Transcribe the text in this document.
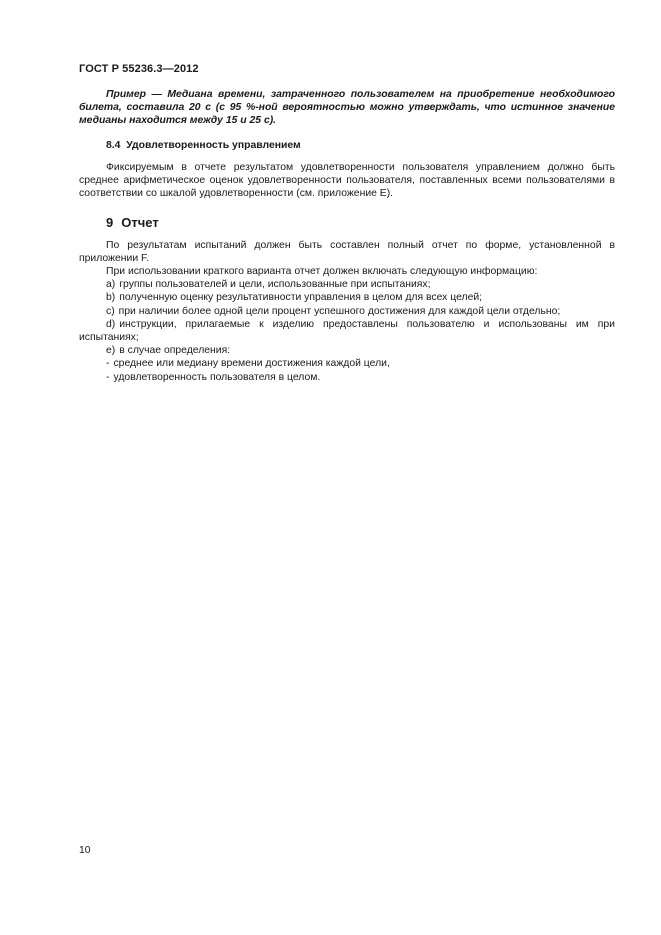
ГОСТ Р 55236.3—2012

Пример — Медиана времени, затраченного пользователем на приобретение необходимого билета, составила 20 с (с 95 %-ной вероятностью можно утверждать, что истинное значение медианы находится между 15 и 25 с).

8.4 Удовлетворенность управлением

Фиксируемым в отчете результатом удовлетворенности пользователя управлением должно быть среднее арифметическое оценок удовлетворенности пользователя, поставленных всеми пользователями в соответствии со шкалой удовлетворенности (см. приложение Е).

9 Отчет

По результатам испытаний должен быть составлен полный отчет по форме, установленной в приложении F.

При использовании краткого варианта отчет должен включать следующую информацию:

a) группы пользователей и цели, использованные при испытаниях;

b) полученную оценку результативности управления в целом для всех целей;

c) при наличии более одной цели процент успешного достижения для каждой цели отдельно;

d) инструкции, прилагаемые к изделию предоставлены пользователю и использованы им при испытаниях;

e) в случае определения:

- среднее или медиану времени достижения каждой цели,

- удовлетворенность пользователя в целом.

10
